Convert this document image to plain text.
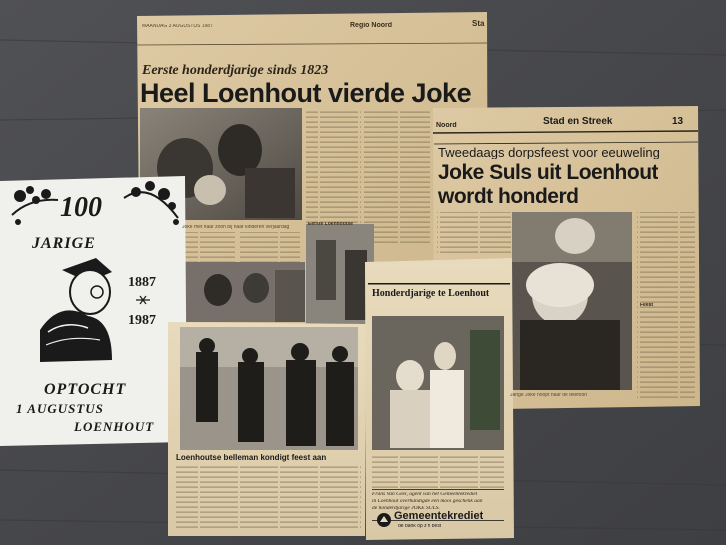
MAANDAG 3 AUGUSTUS 1987	Regio Noord	Sta
Eerste honderdjarige sinds 1823
Heel Loenhout vierde Joke
Eerste Loenhoutse
Joke met haar zoon bij haar kinderen verjaardag
Noord	Stad en Streek	13
Tweedaags dorpsfeest voor eeuweling
Joke Suls uit Loenhout
wordt honderd
Jarige Joke hoopt haar de telefoon
Feest
100
JARIGE
1887
1987
OPTOCHT
1 AUGUSTUS
LOENHOUT
Loenhoutse belleman kondigt feest aan
Honderdjarige te Loenhout
Frans Van Geel, agent van het Gemeentekrediet
in Loenhout overhandigde een mooi geschenk aan
de honderdjarige JOKE SULS.
Gemeentekrediet
de bank op z'n best
